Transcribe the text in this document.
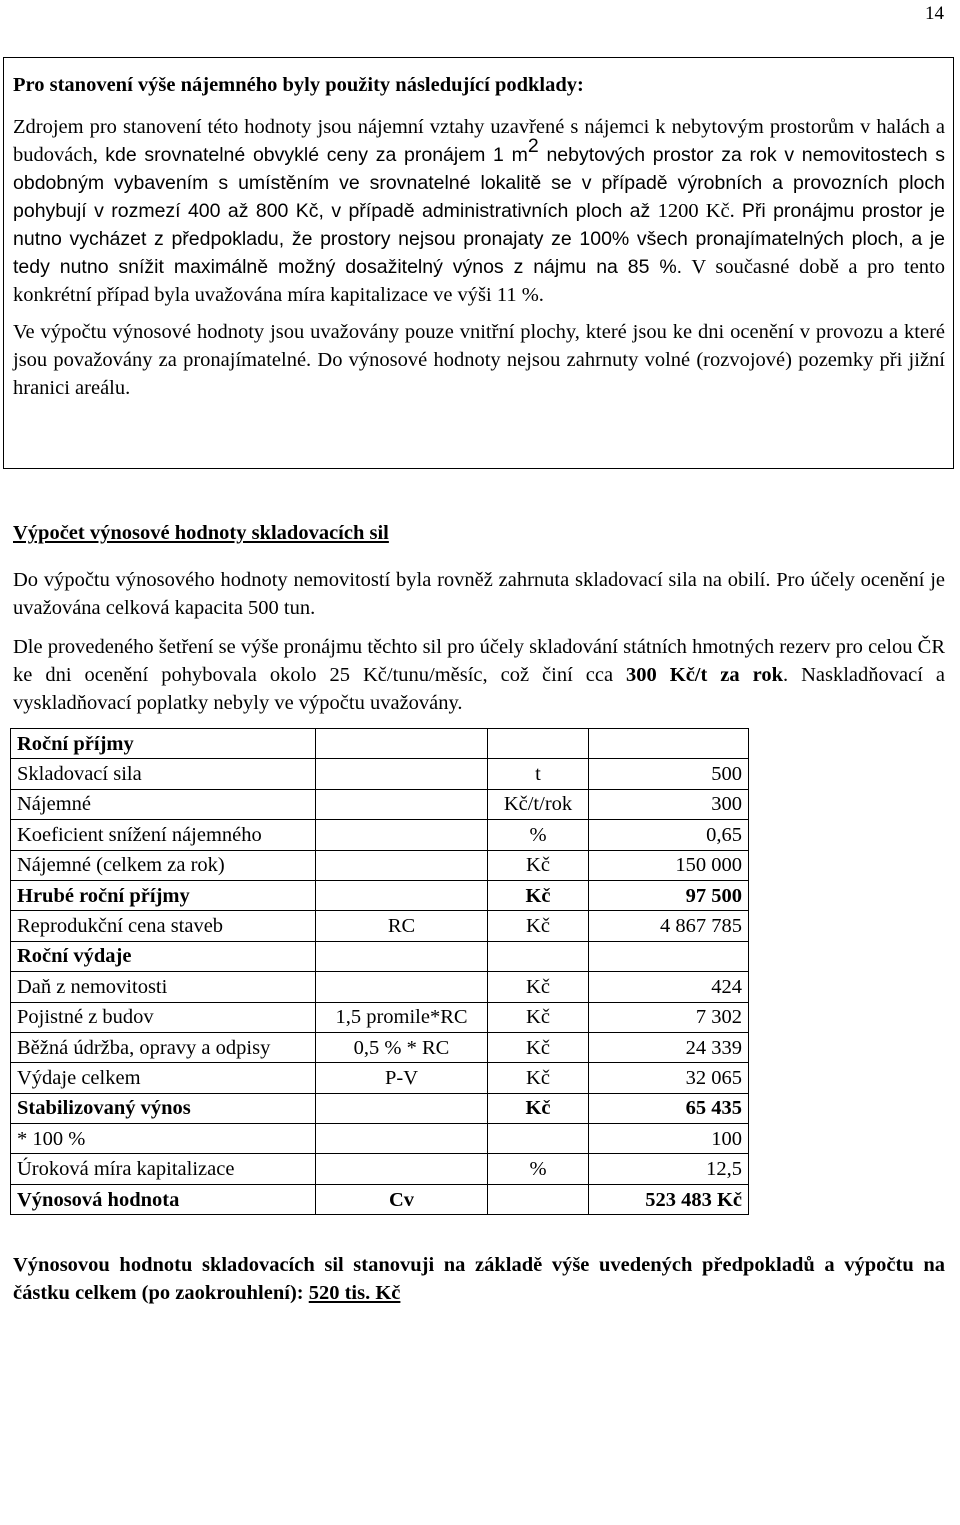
14

Pro stanovení výše nájemného byly použity následující podklady:

Zdrojem pro stanovení této hodnoty jsou nájemní vztahy uzavřené s nájemci k nebytovým prostorům v halách a budovách, kde srovnatelné obvyklé ceny za pronájem 1 $m^2$ nebytových prostor za rok v nemovitostech s obdobným vybavením s umístěním ve srovnatelné lokalitě se v případě výrobních a provozních ploch pohybují v rozmezí 400 až 800 Kč, v případě administrativních ploch až 1200 Kč. Při pronájmu prostor je nutno vycházet z předpokladu, že prostory nejsou pronajaty ze 100% všech pronajímatelných ploch, a je tedy nutno snížit maximálně možný dosažitelný výnos z nájmu na 85 %. V současné době a pro tento konkrétní případ byla uvažována míra kapitalizace ve výši 11 %.

Ve výpočtu výnosové hodnoty jsou uvažovány pouze vnitřní plochy, které jsou ke dni ocenění v provozu a které jsou považovány za pronajímatelné. Do výnosové hodnoty nejsou zahrnuty volné (rozvojové) pozemky při jižní hranici areálu.

Výpočet výnosové hodnoty skladovacích sil

Do výpočtu výnosového hodnoty nemovitostí byla rovněž zahrnuta skladovací sila na obilí. Pro účely ocenění je uvažována celková kapacita 500 tun.

Dle provedeného šetření se výše pronájmu těchto sil pro účely skladování státních hmotných rezerv pro celou ČR ke dni ocenění pohybovala okolo 25 Kč/tunu/měsíc, což činí cca 300 Kč/t za rok. Naskladňovací a vyskladňovací poplatky nebyly ve výpočtu uvažovány.

Roční příjmy			
Skladovací sila		t	500
Nájemné		Kč/t/rok	300
Koeficient snížení nájemného		%	0,65
Nájemné (celkem za rok)		Kč	150 000
Hrubé roční příjmy		Kč	97 500
Reprodukční cena staveb	RC	Kč	4 867 785
Roční výdaje			
Daň z nemovitosti		Kč	424
Pojistné z budov	1,5 promile*RC	Kč	7 302
Běžná údržba, opravy a odpisy	0,5 % * RC	Kč	24 339
Výdaje celkem	P-V	Kč	32 065
Stabilizovaný výnos		Kč	65 435
* 100 %			100
Úroková míra kapitalizace		%	12,5
Výnosová hodnota	Cv		523 483 Kč

Výnosovou hodnotu skladovacích sil stanovuji na základě výše uvedených předpokladů a výpočtu na částku celkem (po zaokrouhlení): 520 tis. Kč
